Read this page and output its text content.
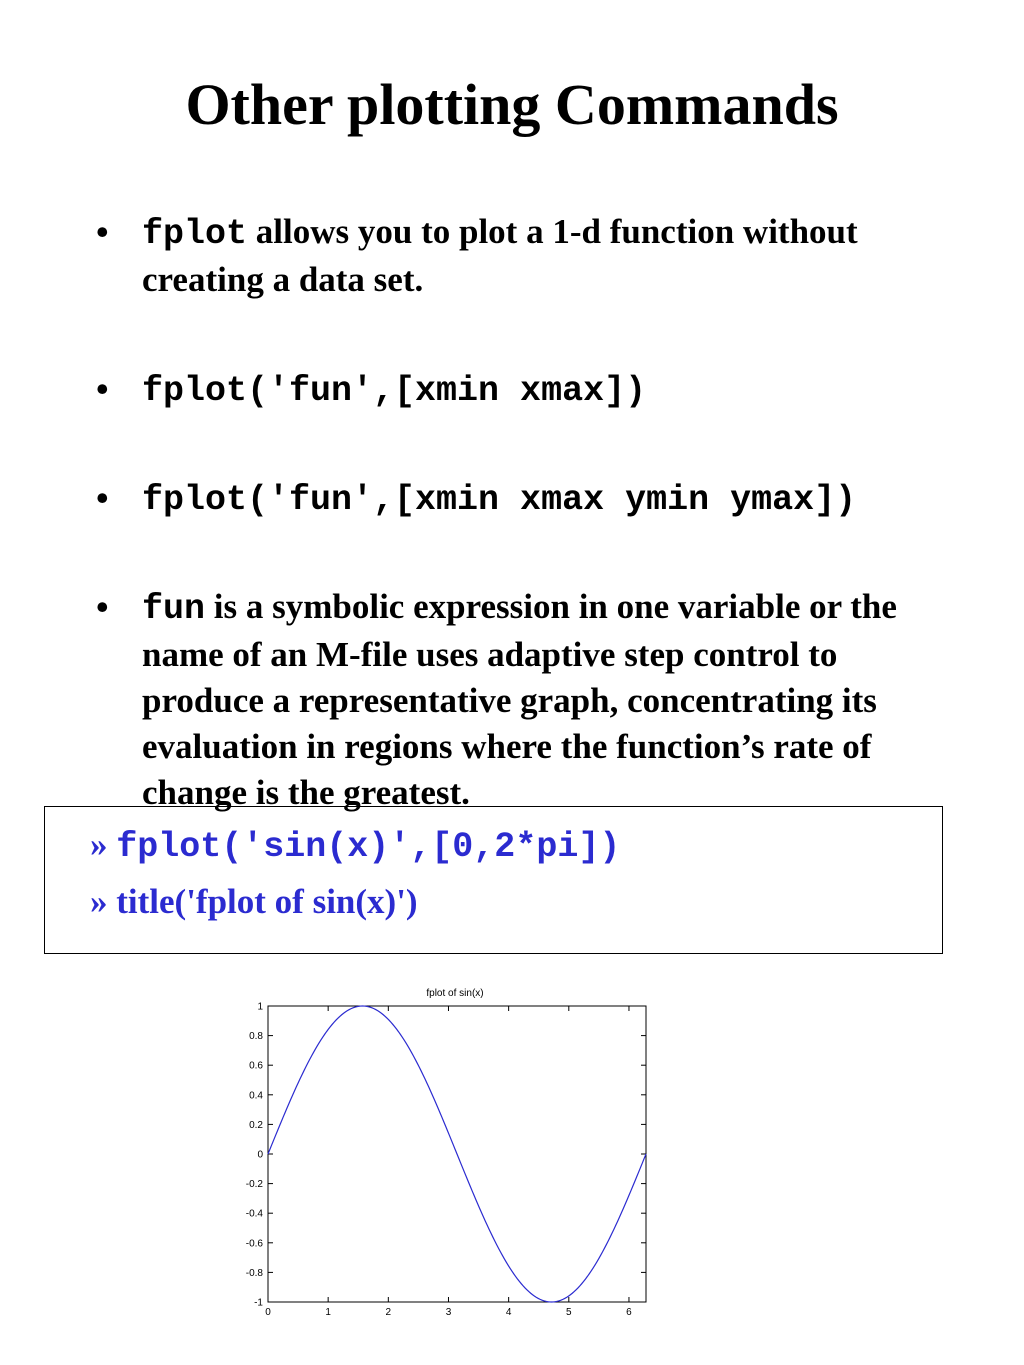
Other plotting Commands
• fplot allows you to plot a 1-d function without creating a data set.
• fplot('fun',[xmin xmax])
• fplot('fun',[xmin xmax ymin ymax])
• fun is a symbolic expression in one variable or the name of an M-file uses adaptive step control to produce a representative graph, concentrating its evaluation in regions where the function’s rate of change is the greatest.
» fplot('sin(x)',[0,2*pi])
» title('fplot of sin(x)')
fplot of sin(x)
0	1	2	3	4	5	6
1
0.8
0.6
0.4
0.2
0
-0.2
-0.4
-0.6
-0.8
-1
